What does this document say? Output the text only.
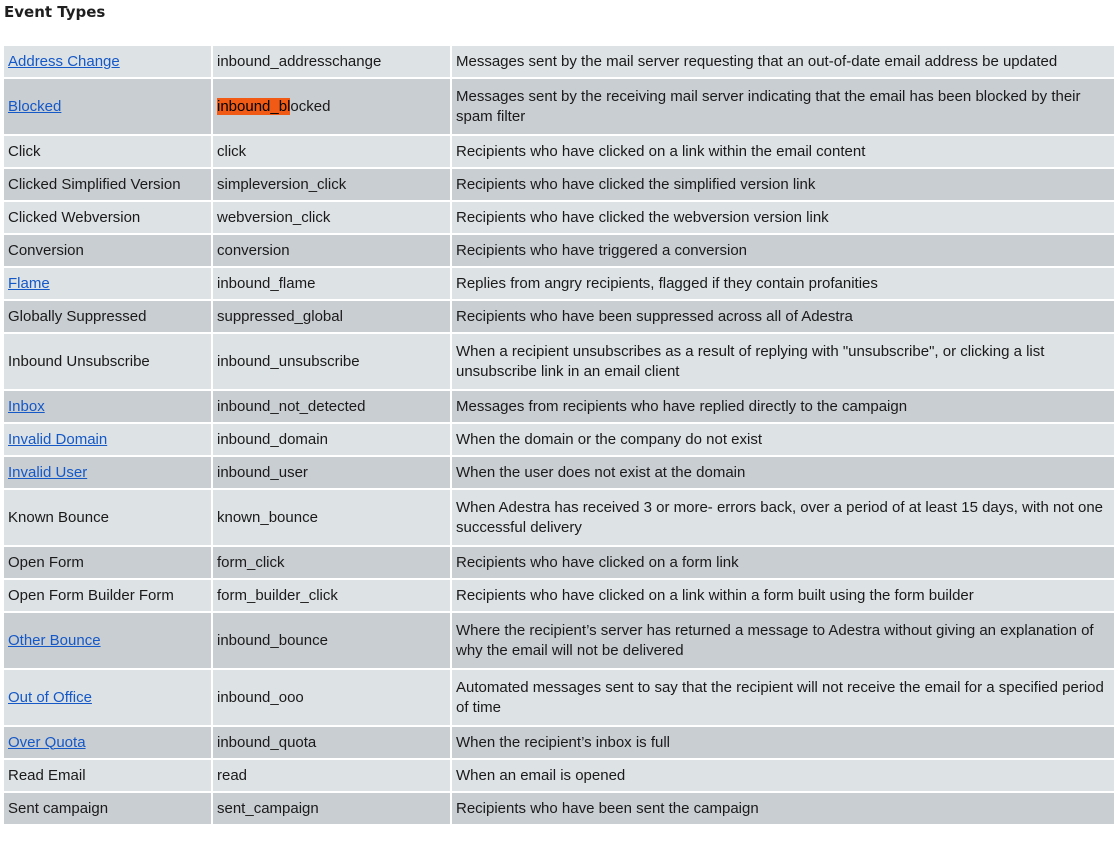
Event Types
Address Change	inbound_addresschange	Messages sent by the mail server requesting that an out-of-date email address be updated
Blocked	inbound_blocked	Messages sent by the receiving mail server indicating that the email has been blocked by their spam filter
Click	click	Recipients who have clicked on a link within the email content
Clicked Simplified Version	simpleversion_click	Recipients who have clicked the simplified version link
Clicked Webversion	webversion_click	Recipients who have clicked the webversion version link
Conversion	conversion	Recipients who have triggered a conversion
Flame	inbound_flame	Replies from angry recipients, flagged if they contain profanities
Globally Suppressed	suppressed_global	Recipients who have been suppressed across all of Adestra
Inbound Unsubscribe	inbound_unsubscribe	When a recipient unsubscribes as a result of replying with "unsubscribe", or clicking a list unsubscribe link in an email client
Inbox	inbound_not_detected	Messages from recipients who have replied directly to the campaign
Invalid Domain	inbound_domain	When the domain or the company do not exist
Invalid User	inbound_user	When the user does not exist at the domain
Known Bounce	known_bounce	When Adestra has received 3 or more- errors back, over a period of at least 15 days, with not one successful delivery
Open Form	form_click	Recipients who have clicked on a form link
Open Form Builder Form	form_builder_click	Recipients who have clicked on a link within a form built using the form builder
Other Bounce	inbound_bounce	Where the recipient’s server has returned a message to Adestra without giving an explanation of why the email will not be delivered
Out of Office	inbound_ooo	Automated messages sent to say that the recipient will not receive the email for a specified period of time
Over Quota	inbound_quota	When the recipient’s inbox is full
Read Email	read	When an email is opened
Sent campaign	sent_campaign	Recipients who have been sent the campaign
